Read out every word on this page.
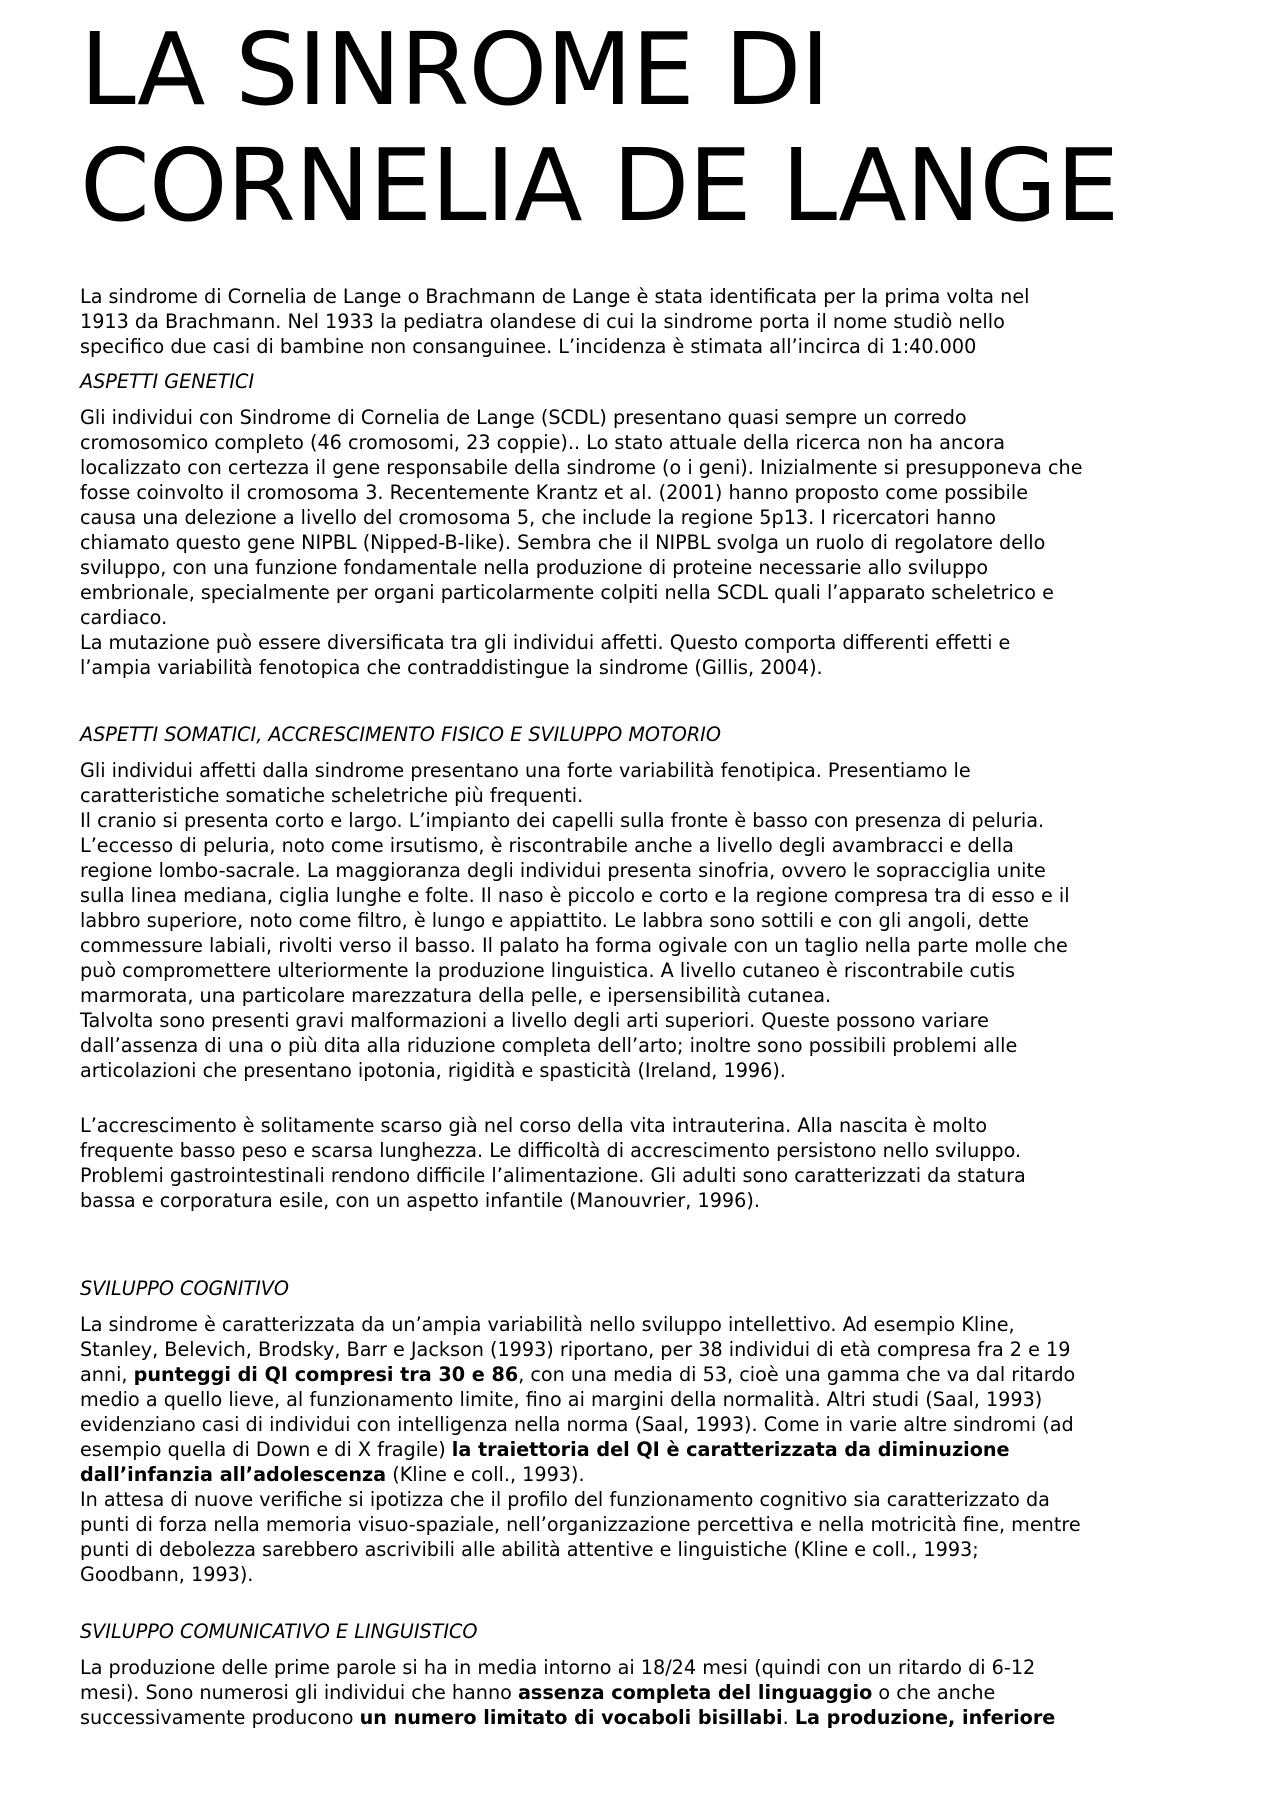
LA SINROME DI
CORNELIA DE LANGE
La sindrome di Cornelia de Lange o Brachmann de Lange è stata identificata per la prima volta nel
1913 da Brachmann. Nel 1933 la pediatra olandese di cui la sindrome porta il nome studiò nello
specifico due casi di bambine non consanguinee. L’incidenza è stimata all’incirca di 1:40.000

ASPETTI GENETICI

Gli individui con Sindrome di Cornelia de Lange (SCDL) presentano quasi sempre un corredo
cromosomico completo (46 cromosomi, 23 coppie).. Lo stato attuale della ricerca non ha ancora
localizzato con certezza il gene responsabile della sindrome (o i geni). Inizialmente si presupponeva che
fosse coinvolto il cromosoma 3. Recentemente Krantz et al. (2001) hanno proposto come possibile
causa una delezione a livello del cromosoma 5, che include la regione 5p13. I ricercatori hanno
chiamato questo gene NIPBL (Nipped-B-like). Sembra che il NIPBL svolga un ruolo di regolatore dello
sviluppo, con una funzione fondamentale nella produzione di proteine necessarie allo sviluppo
embrionale, specialmente per organi particolarmente colpiti nella SCDL quali l’apparato scheletrico e
cardiaco.
La mutazione può essere diversificata tra gli individui affetti. Questo comporta differenti effetti e
l’ampia variabilità fenotopica che contraddistingue la sindrome (Gillis, 2004).

ASPETTI SOMATICI, ACCRESCIMENTO FISICO E SVILUPPO MOTORIO

Gli individui affetti dalla sindrome presentano una forte variabilità fenotipica. Presentiamo le
caratteristiche somatiche scheletriche più frequenti.
Il cranio si presenta corto e largo. L’impianto dei capelli sulla fronte è basso con presenza di peluria.
L’eccesso di peluria, noto come irsutismo, è riscontrabile anche a livello degli avambracci e della
regione lombo-sacrale. La maggioranza degli individui presenta sinofria, ovvero le sopracciglia unite
sulla linea mediana, ciglia lunghe e folte. Il naso è piccolo e corto e la regione compresa tra di esso e il
labbro superiore, noto come filtro, è lungo e appiattito. Le labbra sono sottili e con gli angoli, dette
commessure labiali, rivolti verso il basso. Il palato ha forma ogivale con un taglio nella parte molle che
può compromettere ulteriormente la produzione linguistica. A livello cutaneo è riscontrabile cutis
marmorata, una particolare marezzatura della pelle, e ipersensibilità cutanea.
Talvolta sono presenti gravi malformazioni a livello degli arti superiori. Queste possono variare
dall’assenza di una o più dita alla riduzione completa dell’arto; inoltre sono possibili problemi alle
articolazioni che presentano ipotonia, rigidità e spasticità (Ireland, 1996).
L’accrescimento è solitamente scarso già nel corso della vita intrauterina. Alla nascita è molto
frequente basso peso e scarsa lunghezza. Le difficoltà di accrescimento persistono nello sviluppo.
Problemi gastrointestinali rendono difficile l’alimentazione. Gli adulti sono caratterizzati da statura
bassa e corporatura esile, con un aspetto infantile (Manouvrier, 1996).

SVILUPPO COGNITIVO

La sindrome è caratterizzata da un’ampia variabilità nello sviluppo intellettivo. Ad esempio Kline,
Stanley, Belevich, Brodsky, Barr e Jackson (1993) riportano, per 38 individui di età compresa fra 2 e 19
anni, punteggi di QI compresi tra 30 e 86, con una media di 53, cioè una gamma che va dal ritardo
medio a quello lieve, al funzionamento limite, fino ai margini della normalità. Altri studi (Saal, 1993)
evidenziano casi di individui con intelligenza nella norma (Saal, 1993). Come in varie altre sindromi (ad
esempio quella di Down e di X fragile) la traiettoria del QI è caratterizzata da diminuzione
dall’infanzia all’adolescenza (Kline e coll., 1993).
In attesa di nuove verifiche si ipotizza che il profilo del funzionamento cognitivo sia caratterizzato da
punti di forza nella memoria visuo-spaziale, nell’organizzazione percettiva e nella motricità fine, mentre
punti di debolezza sarebbero ascrivibili alle abilità attentive e linguistiche (Kline e coll., 1993;
Goodbann, 1993).

SVILUPPO COMUNICATIVO E LINGUISTICO

La produzione delle prime parole si ha in media intorno ai 18/24 mesi (quindi con un ritardo di 6-12
mesi). Sono numerosi gli individui che hanno assenza completa del linguaggio o che anche
successivamente producono un numero limitato di vocaboli bisillabi. La produzione, inferiore
